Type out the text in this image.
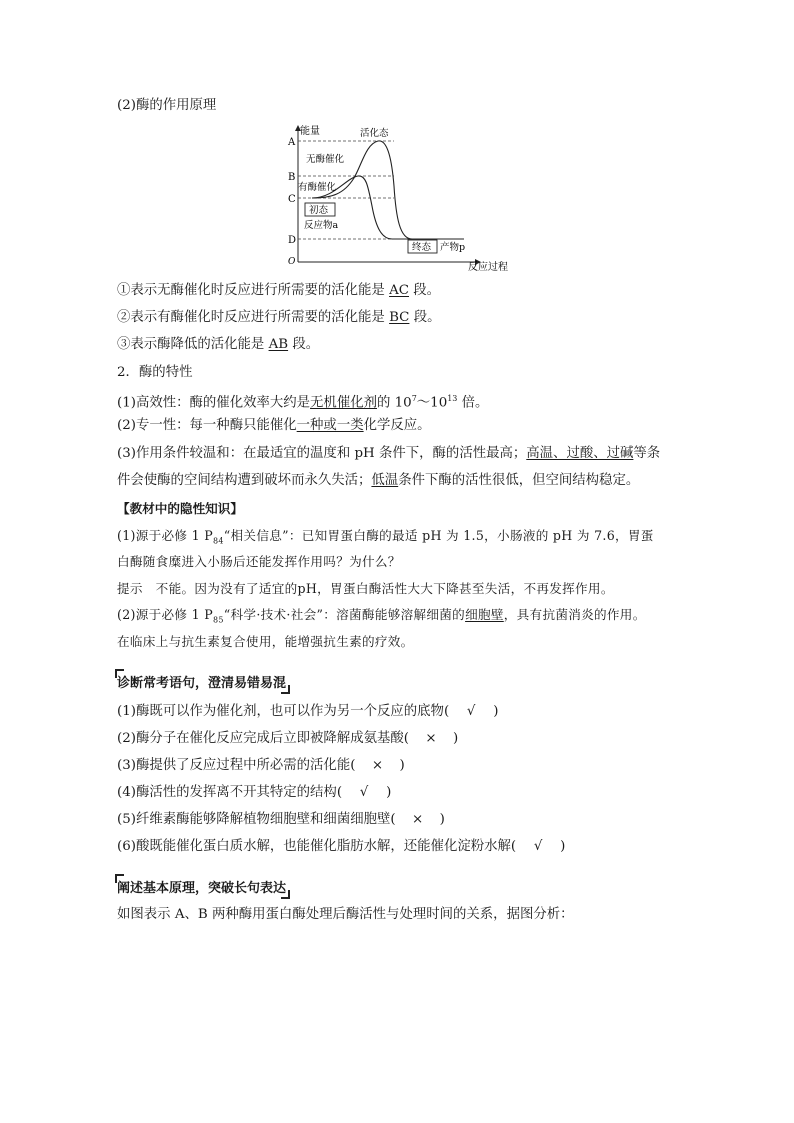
(2)酶的作用原理
能量
反应过程
O
A
B
C
D
活化态
无酶催化
有酶催化
初态
反应物a
终态 产物p
①表示无酶催化时反应进行所需要的活化能是 AC 段。
②表示有酶催化时反应进行所需要的活化能是 BC 段。
③表示酶降低的活化能是 AB 段。
2．酶的特性
(1)高效性：酶的催化效率大约是无机催化剂的 $10^7\sim 10^{13}$ 倍。
(2)专一性：每一种酶只能催化一种或一类化学反应。
(3)作用条件较温和：在最适宜的温度和 pH 条件下，酶的活性最高；高温、过酸、过碱等条
件会使酶的空间结构遭到破坏而永久失活；低温条件下酶的活性很低，但空间结构稳定。
【教材中的隐性知识】
(1)源于必修 1 $P_{84}“$相关信息”：已知胃蛋白酶的最适 pH 为 1.5，小肠液的 pH 为 7.6，胃蛋
白酶随食糜进入小肠后还能发挥作用吗？为什么？
提示　不能。因为没有了适宜的pH，胃蛋白酶活性大大下降甚至失活，不再发挥作用。
(2)源于必修 1 $P_{85}“$科学·技术·社会”：溶菌酶能够溶解细菌的细胞壁，具有抗菌消炎的作用。
在临床上与抗生素复合使用，能增强抗生素的疗效。
诊断常考语句，澄清易错易混
(1)酶既可以作为催化剂，也可以作为另一个反应的底物( √ )
(2)酶分子在催化反应完成后立即被降解成氨基酸( × )
(3)酶提供了反应过程中所必需的活化能( × )
(4)酶活性的发挥离不开其特定的结构( √ )
(5)纤维素酶能够降解植物细胞壁和细菌细胞壁( × )
(6)酸既能催化蛋白质水解，也能催化脂肪水解，还能催化淀粉水解( √ )
阐述基本原理，突破长句表达
如图表示 A、B 两种酶用蛋白酶处理后酶活性与处理时间的关系，据图分析：
